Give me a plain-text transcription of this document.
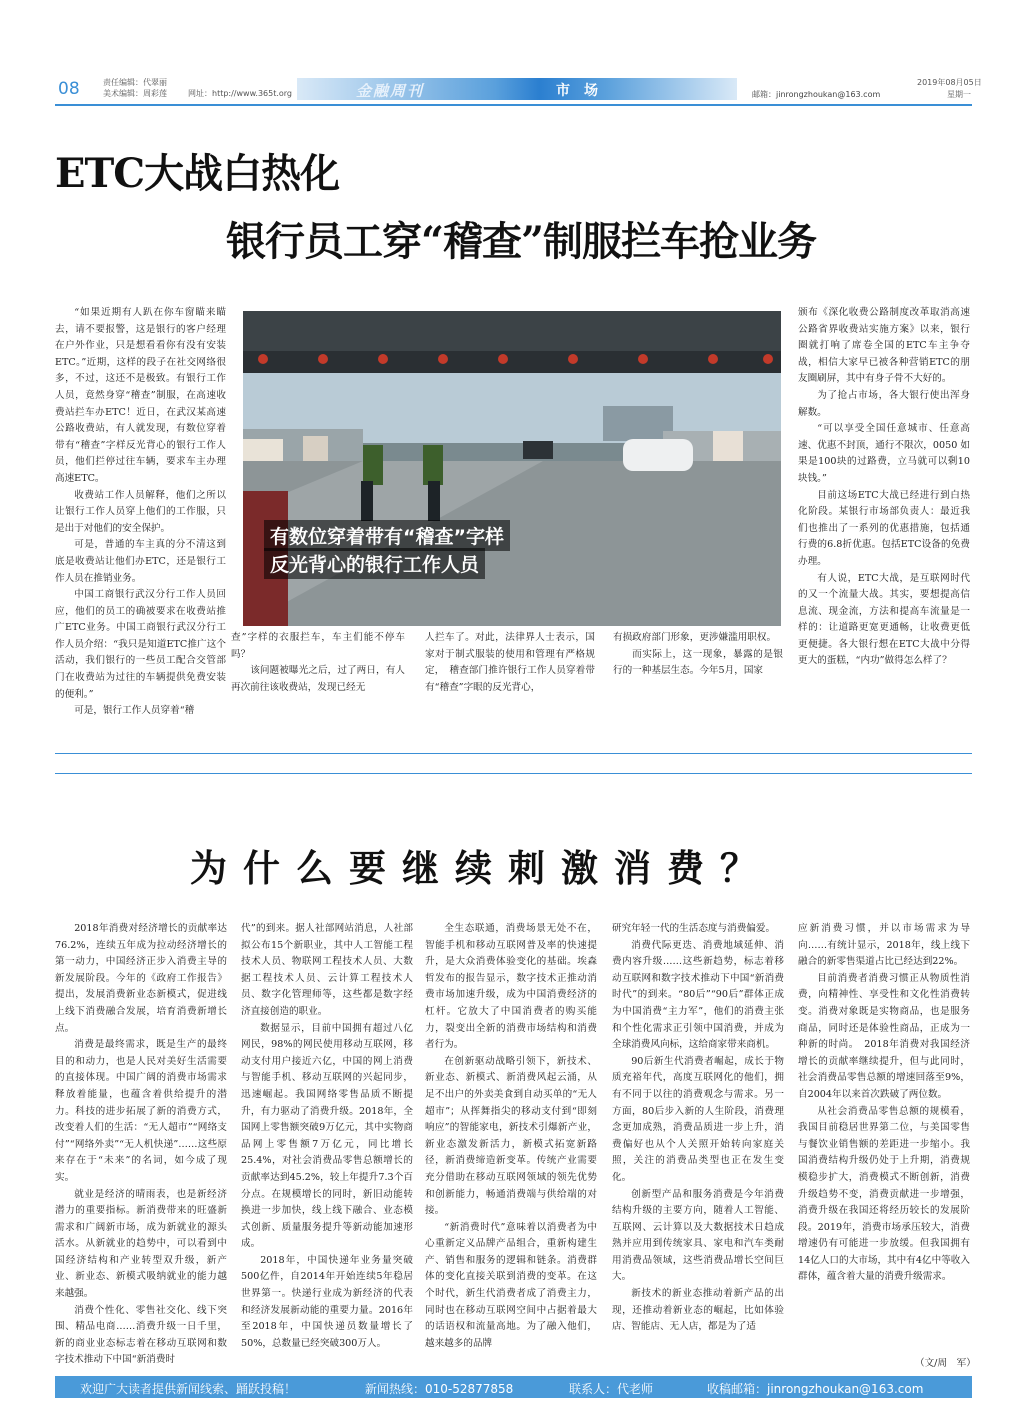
08	责任编辑：代翠丽
美术编辑：周彩莲	网址：http://www.365t.org	金融周刊	市场	邮箱：jinrongzhoukan@163.com
2019年08月05日
星期一
ETC大战白热化
银行员工穿“稽查”制服拦车抢业务

“如果近期有人趴在你车窗瞄来瞄去，请不要报警，这是银行的客户经理在户外作业，只是想看看你有没有安装ETC。”近期，这样的段子在社交网络很多，不过，这还不是极致。有银行工作人员，竟然身穿“稽查”制服，在高速收费站拦车办ETC！近日，在武汉某高速公路收费站，有人就发现，有数位穿着带有“稽查”字样反光背心的银行工作人员，他们拦停过往车辆，要求车主办理高速ETC。

收费站工作人员解释，他们之所以让银行工作人员穿上他们的工作服，只是出于对他们的安全保护。

可是，普通的车主真的分不清这到底是收费站让他们办ETC，还是银行工作人员在推销业务。

中国工商银行武汉分行工作人员回应，他们的员工的确被要求在收费站推广ETC业务。中国工商银行武汉分行工作人员介绍：“我只是知道ETC推广这个活动，我们银行的一些员工配合交管部门在收费站为过往的车辆提供免费安装的便利。”

可是，银行工作人员穿着“稽

有数位穿着带有“稽查”字样
反光背心的银行工作人员

查”字样的衣服拦车，车主们能不停车吗？

该问题被曝光之后，过了两日，有人再次前往该收费站，发现已经无

人拦车了。对此，法律界人士表示，国家对于制式服装的使用和管理有严格规定，　稽查部门推许银行工作人员穿着带有“稽查”字眼的反光背心，

有损政府部门形象，更涉嫌滥用职权。

而实际上，这一现象，暴露的是银行的一种基层生态。今年5月，国家

颁布《深化收费公路制度改革取消高速公路省界收费站实施方案》以来，银行圈就打响了席卷全国的ETC车主争夺战，相信大家早已被各种营销ETC的朋友圈刷屏，其中有身子骨不大好的。

为了抢占市场，各大银行使出浑身解数。

“可以享受全国任意城市、任意高速、优惠不封顶，通行不限次，0050 如果是100块的过路费，立马就可以剩10块钱。”

目前这场ETC大战已经进行到白热化阶段。某银行市场部负责人：最近我们也推出了一系列的优惠措施，包括通行费的6.8折优惠。包括ETC设备的免费办理。

有人说，ETC大战，是互联网时代的又一个流量大战。其实，要想提高信息流、现金流，方法和提高车流量是一样的：让道路更宽更通畅，让收费更低更便捷。各大银行想在ETC大战中分得更大的蛋糕，“内功”做得怎么样了？

为什么要继续刺激消费？

2018年消费对经济增长的贡献率达76.2%，连续五年成为拉动经济增长的第一动力，中国经济正步入消费主导的新发展阶段。今年的《政府工作报告》提出，发展消费新业态新模式，促进线上线下消费融合发展，培育消费新增长点。

消费是最终需求，既是生产的最终目的和动力，也是人民对美好生活需要的直接体现。中国广阔的消费市场需求释放着能量，也蕴含着供给提升的潜力。科技的进步拓展了新的消费方式，改变着人们的生活：“无人超市”“网络支付”“网络外卖”“无人机快递”……这些原来存在于“未来”的名词，如今成了现实。

就业是经济的晴雨表，也是新经济潜力的重要指标。新消费带来的旺盛新需求和广阔新市场，成为新就业的源头活水。从新就业的趋势中，可以看到中国经济结构和产业转型双升级，新产业、新业态、新模式吸纳就业的能力越来越强。

消费个性化、零售社交化、线下突围、精品电商……消费升级一日千里，新的商业业态标志着在移动互联网和数字技术推动下中国“新消费时

代”的到来。据人社部网站消息，人社部拟公布15个新职业，其中人工智能工程技术人员、物联网工程技术人员、大数据工程技术人员、云计算工程技术人员、数字化管理师等，这些都是数字经济直接创造的职业。

数据显示，目前中国拥有超过八亿网民，98%的网民使用移动互联网，移动支付用户接近六亿，中国的网上消费与智能手机、移动互联网的兴起同步，迅速崛起。我国网络零售品质不断提升，有力驱动了消费升级。2018年，全国网上零售额突破9万亿元，其中实物商品网上零售额7万亿元，同比增长25.4%，对社会消费品零售总额增长的贡献率达到45.2%，较上年提升7.3个百分点。在规模增长的同时，新旧动能转换进一步加快，线上线下融合、业态模式创新、质量服务提升等新动能加速形成。

2018年，中国快递年业务量突破500亿件，自2014年开始连续5年稳居世界第一。快递行业成为新经济的代表和经济发展新动能的重要力量。2016年至2018年，中国快递员数量增长了50%，总数量已经突破300万人。

全生态联通，消费场景无处不在，智能手机和移动互联网普及率的快速提升，是大众消费体验变化的基础。埃森哲发布的报告显示，数字技术正推动消费市场加速升级，成为中国消费经济的杠杆。它放大了中国消费者的购买能力，裂变出全新的消费市场结构和消费者行为。

在创新驱动战略引领下，新技术、新业态、新模式、新消费风起云涌，从足不出户的外卖美食到自动买单的“无人超市”；从挥舞指尖的移动支付到“即刻响应”的智能家电，新技术引爆新产业，新业态激发新活力，新模式拓宽新路径，新消费缔造新变革。传统产业需要充分借助在移动互联网领域的领先优势和创新能力，畅通消费端与供给端的对接。

“新消费时代”意味着以消费者为中心重新定义品牌产品组合，重新构建生产、销售和服务的逻辑和链条。消费群体的变化直接关联到消费的变革。在这个时代，新生代消费者成了消费主力，同时也在移动互联网空间中占据着最大的话语权和流量高地。为了融入他们，越来越多的品牌

研究年轻一代的生活态度与消费偏爱。

消费代际更迭、消费地域延伸、消费内容升级……这些新趋势，标志着移动互联网和数字技术推动下中国“新消费时代”的到来。“80后”“90后”群体正成为中国消费“主力军”，他们的消费主张和个性化需求正引领中国消费，并成为全球消费风向标，这给商家带来商机。

90后新生代消费者崛起，成长于物质充裕年代，高度互联网化的他们，拥有不同于以往的消费观念与需求。另一方面，80后步入新的人生阶段，消费理念更加成熟，消费品质进一步上升，消费偏好也从个人关照开始转向家庭关照，关注的消费品类型也正在发生变化。

创新型产品和服务消费是今年消费结构升级的主要方向，随着人工智能、互联网、云计算以及大数据技术日趋成熟并应用到传统家具、家电和汽车类耐用消费品领域，这些消费品增长空间巨大。

新技术的新业态推动着新产品的出现，还推动着新业态的崛起，比如体验店、智能店、无人店，都是为了适

应新消费习惯，并以市场需求为导向……有统计显示，2018年，线上线下融合的新零售渠道占比已经达到22%。

目前消费者消费习惯正从物质性消费，向精神性、享受性和文化性消费转变。消费对象既是实物商品，也是服务商品，同时还是体验性商品，正成为一种新的时尚。　2018年消费对我国经济增长的贡献率继续提升，但与此同时，社会消费品零售总额的增速回落至9%，自2004年以来首次跌破了两位数。

从社会消费品零售总额的规模看，我国目前稳居世界第二位，与美国零售与餐饮业销售额的差距进一步缩小。我国消费结构升级仍处于上升期，消费规模稳步扩大，消费模式不断创新，消费升级趋势不变，消费贡献进一步增强，消费升级在我国还将经历较长的发展阶段。2019年，消费市场承压较大，消费增速仍有可能进一步放缓。但我国拥有14亿人口的大市场，其中有4亿中等收入群体，蕴含着大量的消费升级需求。

（文/周　军）
欢迎广大读者提供新闻线索、踊跃投稿！	新闻热线：010-52877858	联系人：代老师	收稿邮箱：jinrongzhoukan@163.com
